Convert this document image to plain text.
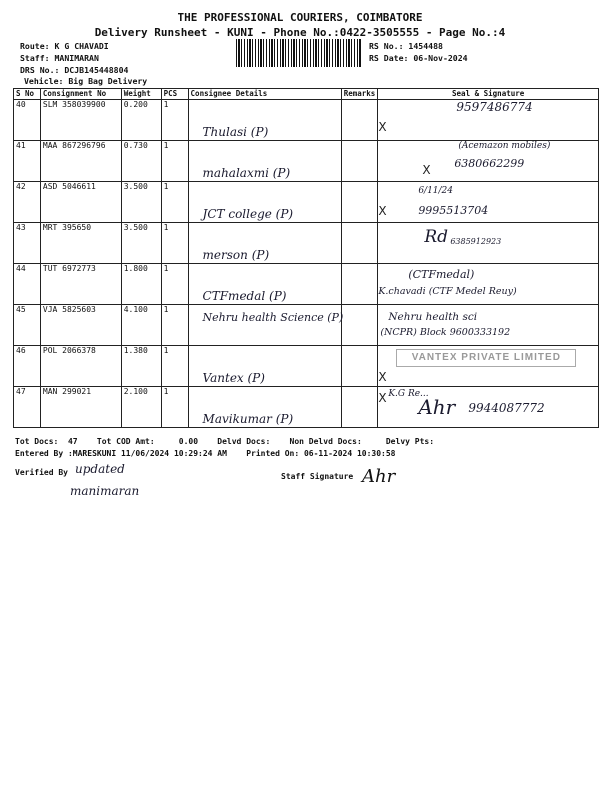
THE PROFESSIONAL COURIERS, COIMBATORE
Delivery Runsheet - KUNI - Phone No.:0422-3505555 - Page No.:4
Route: K G CHAVADI
Staff: MANIMARAN
DRS No.: DCJB145448804
Vehicle: Big Bag Delivery
RS No.: 1454488
RS Date: 06-Nov-2024
S No	Consignment No	Weight	PCS	Consignee Details	Remarks	Seal & Signature
40	SLM 358039900	0.200	1	Thulasi (P)		X
9597486774

41	MAA 867296796	0.730	1	mahalaxmi (P)		X
(Acemazon mobiles)
6380662299

42	ASD 5046611	3.500	1	JCT college (P)		X
6/11/24
9995513704

43	MRT 395650	3.500	1	merson (P)		Rd 6385912923

44	TUT 6972773	1.800	1	CTFmedal (P)		(CTFmedal)
K.chavadi (CTF Medel Reuy)

45	VJA 5825603	4.100	1	Nehru health Science (P)		Nehru health sci
(NCPR) Block 9600333192

46	POL 2066378	1.380	1	Vantex (P)		VANTEX PRIVATE LIMITED
X

47	MAN 299021	2.100	1	Mavikumar (P)		X K.G Re...
Ahr 9944087772
Tot Docs:  47    Tot COD Amt:     0.00    Delvd Docs:    Non Delvd Docs:     Delvy Pts:
Entered By :MARESKUNI 11/06/2024 10:29:24 AM    Printed On: 06-11-2024 10:30:58
Verified By updated
manimaran
Staff Signature Ahr
